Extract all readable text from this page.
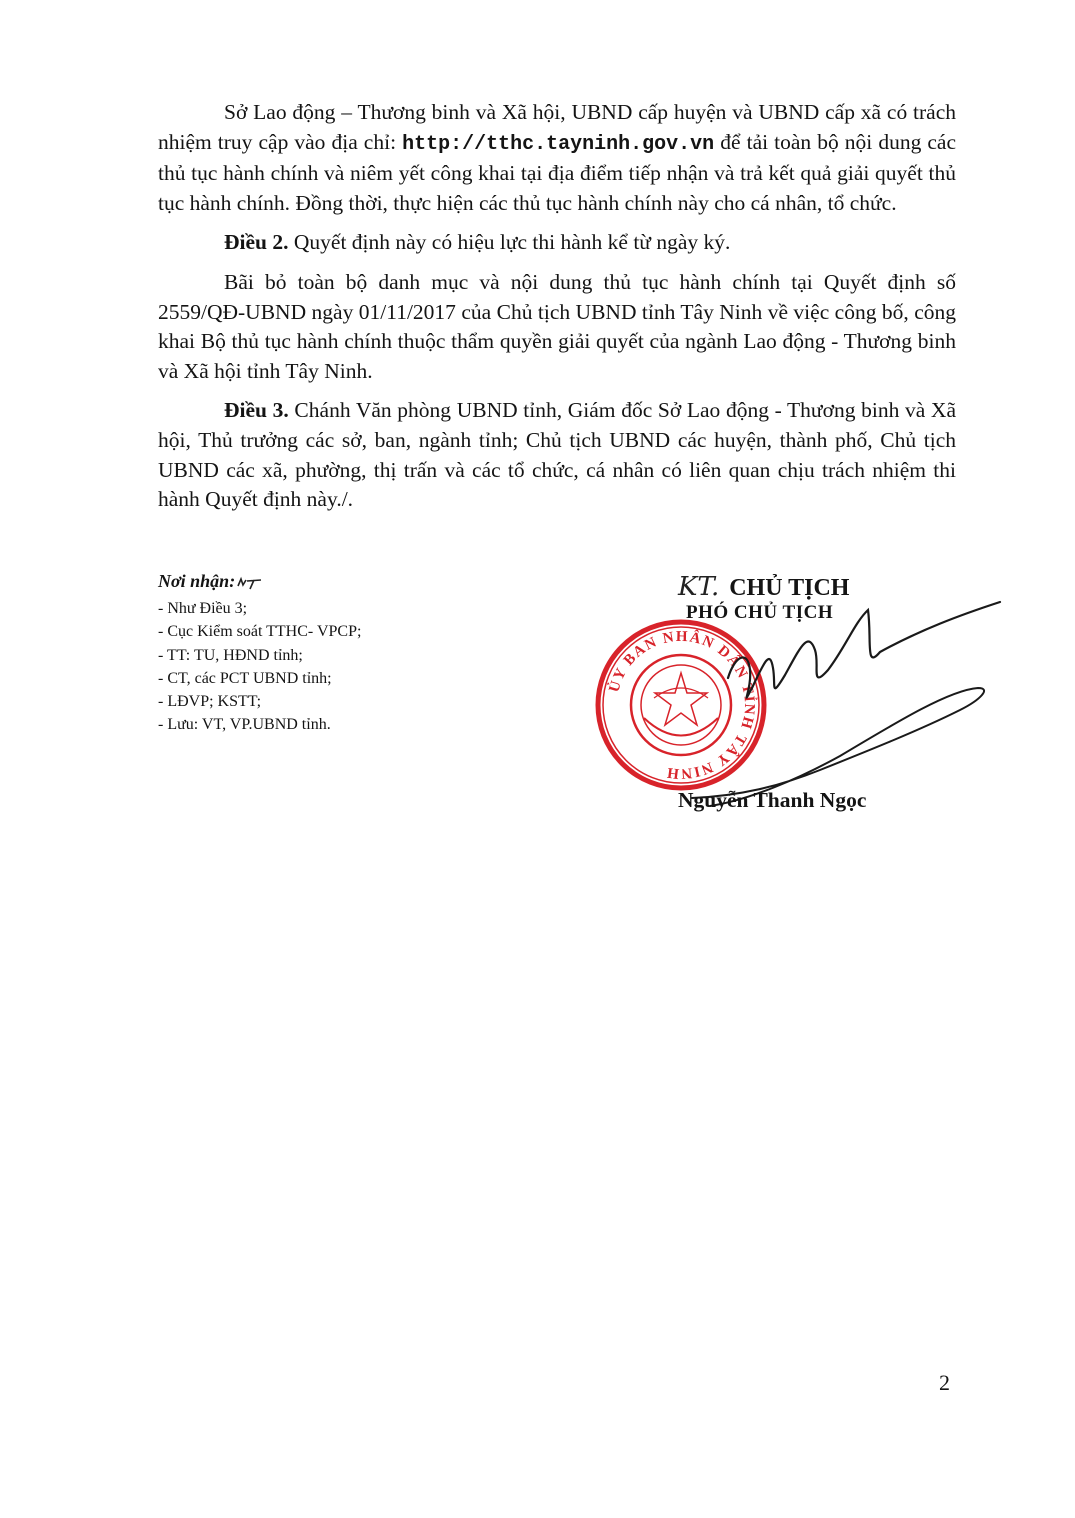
Sở Lao động – Thương binh và Xã hội, UBND cấp huyện và UBND cấp xã có trách nhiệm truy cập vào địa chỉ: http://tthc.tayninh.gov.vn để tải toàn bộ nội dung các thủ tục hành chính và niêm yết công khai tại địa điểm tiếp nhận và trả kết quả giải quyết thủ tục hành chính. Đồng thời, thực hiện các thủ tục hành chính này cho cá nhân, tổ chức.

Điều 2. Quyết định này có hiệu lực thi hành kể từ ngày ký.

Bãi bỏ toàn bộ danh mục và nội dung thủ tục hành chính tại Quyết định số 2559/QĐ-UBND ngày 01/11/2017 của Chủ tịch UBND tỉnh Tây Ninh về việc công bố, công khai Bộ thủ tục hành chính thuộc thẩm quyền giải quyết của ngành Lao động - Thương binh và Xã hội tỉnh Tây Ninh.

Điều 3. Chánh Văn phòng UBND tỉnh, Giám đốc Sở Lao động - Thương binh và Xã hội, Thủ trưởng các sở, ban, ngành tỉnh; Chủ tịch UBND các huyện, thành phố, Chủ tịch UBND các xã, phường, thị trấn và các tổ chức, cá nhân có liên quan chịu trách nhiệm thi hành Quyết định này./.

Nơi nhận:

- Như Điều 3;

- Cục Kiểm soát TTHC- VPCP;

- TT: TU, HĐND tỉnh;

- CT, các PCT UBND tỉnh;

- LĐVP; KSTT;

- Lưu: VT, VP.UBND tỉnh.

KT. CHỦ TỊCH
PHÓ CHỦ TỊCH
ỦY BAN NHÂN DÂN TỈNH TÂY NINH
Nguyễn Thanh Ngọc
2
